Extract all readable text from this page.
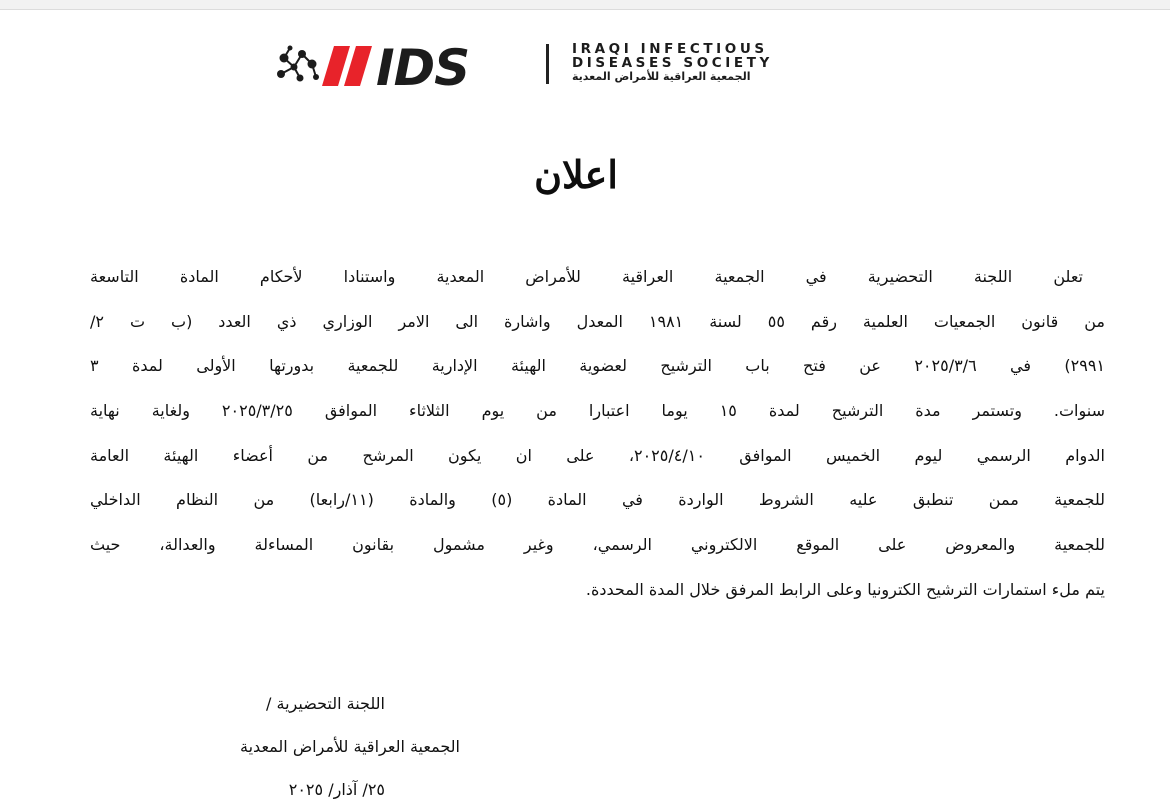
IDS	IRAQI INFECTIOUS
DISEASES SOCIETY
الجمعية العراقية للأمراض المعدية
اعلان
تعلن اللجنة التحضيرية في الجمعية العراقية للأمراض المعدية واستنادا لأحكام المادة التاسعة
من قانون الجمعيات العلمية رقم ٥٥ لسنة ١٩٨١ المعدل واشارة الى الامر الوزاري ذي العدد (ب ت ٢/
٢٩٩١) في ٢٠٢٥/٣/٦ عن فتح باب الترشيح لعضوية الهيئة الإدارية للجمعية بدورتها الأولى لمدة ٣
سنوات. وتستمر مدة الترشيح لمدة ١٥ يوما اعتبارا من يوم الثلاثاء الموافق ٢٠٢٥/٣/٢٥ ولغاية نهاية
الدوام الرسمي ليوم الخميس الموافق ٢٠٢٥/٤/١٠، على ان يكون المرشح من أعضاء الهيئة العامة
للجمعية ممن تنطبق عليه الشروط الواردة في المادة (٥) والمادة (١١/رابعا) من النظام الداخلي
للجمعية والمعروض على الموقع الالكتروني الرسمي، وغير مشمول بقانون المساءلة والعدالة، حيث
يتم ملء استمارات الترشيح الكترونيا وعلى الرابط المرفق خلال المدة المحددة.
اللجنة التحضيرية /
الجمعية العراقية للأمراض المعدية
٢٥/ آذار/ ٢٠٢٥
